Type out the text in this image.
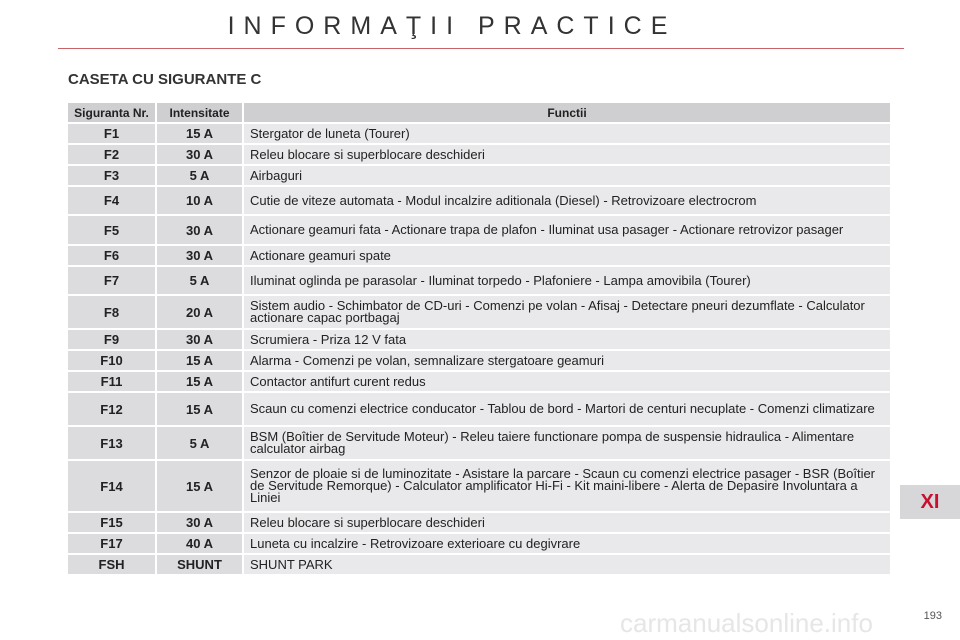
INFORMAŢII PRACTICE
CASETA CU SIGURANTE C
Siguranta Nr.	Intensitate	Functii
F1	15 A	Stergator de luneta (Tourer)
F2	30 A	Releu blocare si superblocare deschideri
F3	5 A	Airbaguri
F4	10 A	Cutie de viteze automata - Modul incalzire aditionala (Diesel) - Retrovizoare electrocrom
F5	30 A	Actionare geamuri fata - Actionare trapa de plafon - Iluminat usa pasager - Actionare retrovizor pasager
F6	30 A	Actionare geamuri spate
F7	5 A	Iluminat oglinda pe parasolar - Iluminat torpedo - Plafoniere - Lampa amovibila (Tourer)
F8	20 A	Sistem audio - Schimbator de CD-uri - Comenzi pe volan - Afisaj - Detectare pneuri dezumflate - Calculator actionare capac portbagaj
F9	30 A	Scrumiera - Priza 12 V fata
F10	15 A	Alarma - Comenzi pe volan, semnalizare stergatoare geamuri
F11	15 A	Contactor antifurt curent redus
F12	15 A	Scaun cu comenzi electrice conducator - Tablou de bord - Martori de centuri necuplate - Comenzi climatizare
F13	5 A	BSM (Boîtier de Servitude Moteur) - Releu taiere functionare pompa de suspensie hidraulica - Alimentare calculator airbag
F14	15 A	Senzor de ploaie si de luminozitate - Asistare la parcare - Scaun cu comenzi electrice pasager - BSR (Boîtier de Servitude Remorque) - Calculator amplificator Hi-Fi - Kit maini-libere - Alerta de Depasire Involuntara a Liniei
F15	30 A	Releu blocare si superblocare deschideri
F17	40 A	Luneta cu incalzire - Retrovizoare exterioare cu degivrare
FSH	SHUNT	SHUNT PARK
XI
193
carmanualsonline.info
